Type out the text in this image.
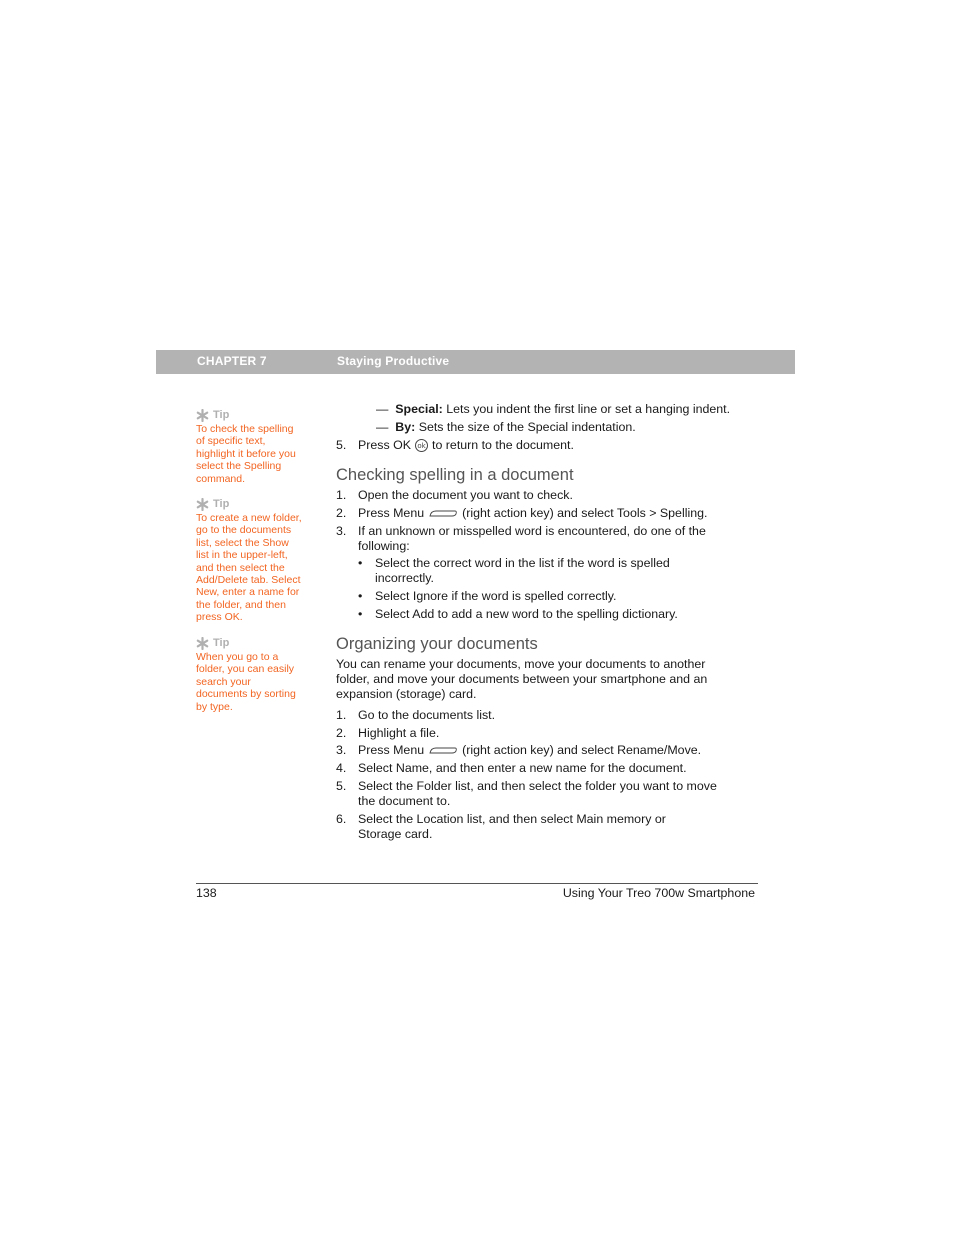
CHAPTER 7	Staying Productive
Tip
To check the spelling
of specific text,
highlight it before you
select the Spelling
command.
Tip
To create a new folder,
go to the documents
list, select the Show
list in the upper-left,
and then select the
Add/Delete tab. Select
New, enter a name for
the folder, and then
press OK.
Tip
When you go to a
folder, you can easily
search your
documents by sorting
by type.
— Special: Lets you indent the first line or set a hanging indent.
— By: Sets the size of the Special indentation.
5. Press OK ok to return to the document.
Checking spelling in a document
1. Open the document you want to check.
2. Press Menu	(right action key) and select Tools > Spelling.
3. If an unknown or misspelled word is encountered, do one of the
following:
• Select the correct word in the list if the word is spelled
incorrectly.
• Select Ignore if the word is spelled correctly.
• Select Add to add a new word to the spelling dictionary.
Organizing your documents
You can rename your documents, move your documents to another
folder, and move your documents between your smartphone and an
expansion (storage) card.
1. Go to the documents list.
2. Highlight a file.
3. Press Menu	(right action key) and select Rename/Move.
4. Select Name, and then enter a new name for the document.
5. Select the Folder list, and then select the folder you want to move
the document to.
6. Select the Location list, and then select Main memory or
Storage card.
138	Using Your Treo 700w Smartphone
